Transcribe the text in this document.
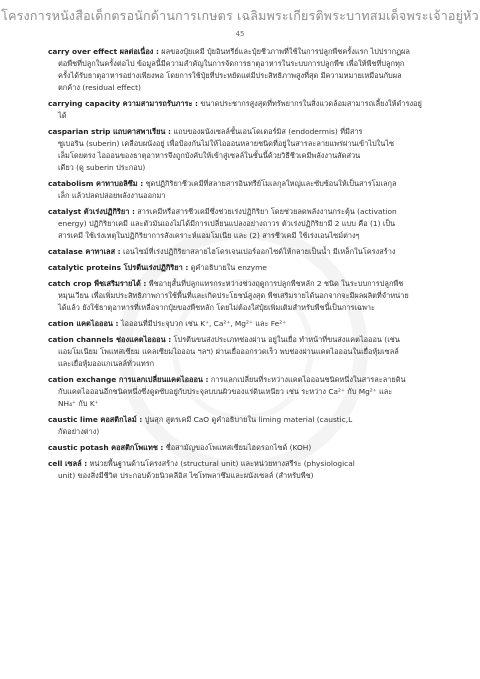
โครงการหนังสือเด็กตรอนักด้านการเกษตร เฉลิมพระเกียรติพระบาทสมเด็จพระเจ้าอยู่หัว
45
carry over effect ผลต่อเนื่อง : ผลของปุ๋ยเคมี ปุ๋ยอินทรีย์และปุ๋ยชีวภาพที่ใช้ในการปลูกพืชครั้งแรก ไปปรากฏผล
ต่อพืชที่ปลูกในครั้งต่อไป ข้อมูลนี้มีความสำคัญในการจัดการธาตุอาหารในระบบการปลูกพืช เพื่อให้พืชที่ปลูกทุก
ครั้งได้รับธาตุอาหารอย่างเพียงพอ โดยการใช้ปุ๋ยที่ประหยัดแต่มีประสิทธิภาพสูงที่สุด มีความหมายเหมือนกับผล
ตกค้าง (residual effect)
carrying capacity ความสามารถรับภาระ : ขนาดประชากรสูงสุดที่ทรัพยากรในสิ่งแวดล้อมสามารถเลี้ยงให้ดำรงอยู่
ได้
casparian strip แถบคาสพาเรียน : แถบของผนังเซลล์ชั้นเอนโดเดอร์มิส (endodermis) ที่มีสาร
ซูเบอริน (suberin) เคลือบผนังอยู่ เพื่อป้องกันไม่ให้ไอออนหลายชนิดที่อยู่ในสารละลายแพร่ผ่านเข้าไปในไซ
เล็มโดยตรง ไอออนของธาตุอาหารจึงถูกบังคับให้เข้าสู่เซลล์ในชั้นนี้ด้วยวิธีชีวเคมีพลังงานสัดส่วน
เดียว (ดู suberin ประกอบ)
catabolism คาทาบอลิซึม : ชุดปฏิกิริยาชีวเคมีที่สลายสารอินทรีย์โมเลกุลใหญ่และซับซ้อนให้เป็นสารโมเลกุล
เล็ก แล้วปลดปล่อยพลังงานออกมา
catalyst ตัวเร่งปฏิกิริยา : สารเคมีหรือสารชีวเคมีซึ่งช่วยเร่งปฏิกิริยา โดยช่วยลดพลังงานกระตุ้น (activation
energy) ปฏิกิริยาเคมี และตัวมันเองไม่ได้มีการเปลี่ยนแปลงอย่างถาวร ตัวเร่งปฏิกิริยามี 2 แบบ คือ (1) เป็น
สารเคมี ใช้เร่งเหตุในปฏิกิริยาการสังเคราะห์แอมโมเนีย และ (2) สารชีวเคมี ใช้เร่งเอนไซม์ต่างๆ
catalase คาทาเลส : เอนไซม์ที่เร่งปฏิกิริยาสลายไฮโดรเจนเปอร์ออกไซด์ให้กลายเป็นน้ำ มีเหล็กในโครงสร้าง
catalytic proteins โปรตีนเร่งปฏิกิริยา : ดูคำอธิบายใน enzyme
catch crop พืชเสริมรายได้ : พืชอายุสั้นที่ปลูกแทรกระหว่างช่วงฤดูการปลูกพืชหลัก 2 ชนิด ในระบบการปลูกพืช
หมุนเวียน เพื่อเพิ่มประสิทธิภาพการใช้พื้นที่และเกิดประโยชน์สูงสุด พืชเสริมรายได้นอกจากจะมีผลผลิตที่จำหน่าย
ได้แล้ว ยังใช้ธาตุอาหารที่เหลือจากปุ๋ยของพืชหลัก โดยไม่ต้องใส่ปุ๋ยเพิ่มเติมสำหรับพืชนี้เป็นการเฉพาะ
cation แคตไอออน : ไอออนที่มีประจุบวก เช่น K⁺, Ca²⁺, Mg²⁺ และ Fe²⁺
cation channels ช่องแคตไอออน : โปรตีนขนส่งประเภทช่องผ่าน อยู่ในเยื่อ ทำหน้าที่ขนส่งแคตไอออน (เช่น
แอมโมเนียม โพแทสเซียม แคลเซียมไอออน ฯลฯ) ผ่านเยื่อออกรวดเร็ว พบช่องผ่านแคตไอออนในเยื่อหุ้มเซลล์
และเยื่อหุ้มออแกเนลล์ทั่วแทรก
cation exchange การแลกเปลี่ยนแคตไอออน : การแลกเปลี่ยนที่ระหว่างแคตไอออนชนิดหนึ่งในสารละลายดิน
กับแคตไอออนอีกชนิดหนึ่งซึ่งดูดซับอยู่กับประจุลบบนผิวของแร่ดินเหนียว เช่น ระหว่าง Ca²⁺ กับ Mg²⁺ และ
NH₄⁺ กับ K⁺
caustic lime คอสติกไลม์ : ปูนสุก สูตรเคมี CaO ดูคำอธิบายใน liming material (caustic,L
กัดอย่างต่าง)
caustic potash คอสติกโพแทช : ชื่อสามัญของโพแทสเซียมไฮดรอกไซด์ (KOH)
cell เซลล์ : หน่วยพื้นฐานด้านโครงสร้าง (structural unit) และหน่วยทางสรีระ (physiological
unit) ของสิ่งมีชีวิต ประกอบด้วยนิวคลีอิส ไซโทพลาซึมและผนังเซลล์ (สำหรับพืช)
